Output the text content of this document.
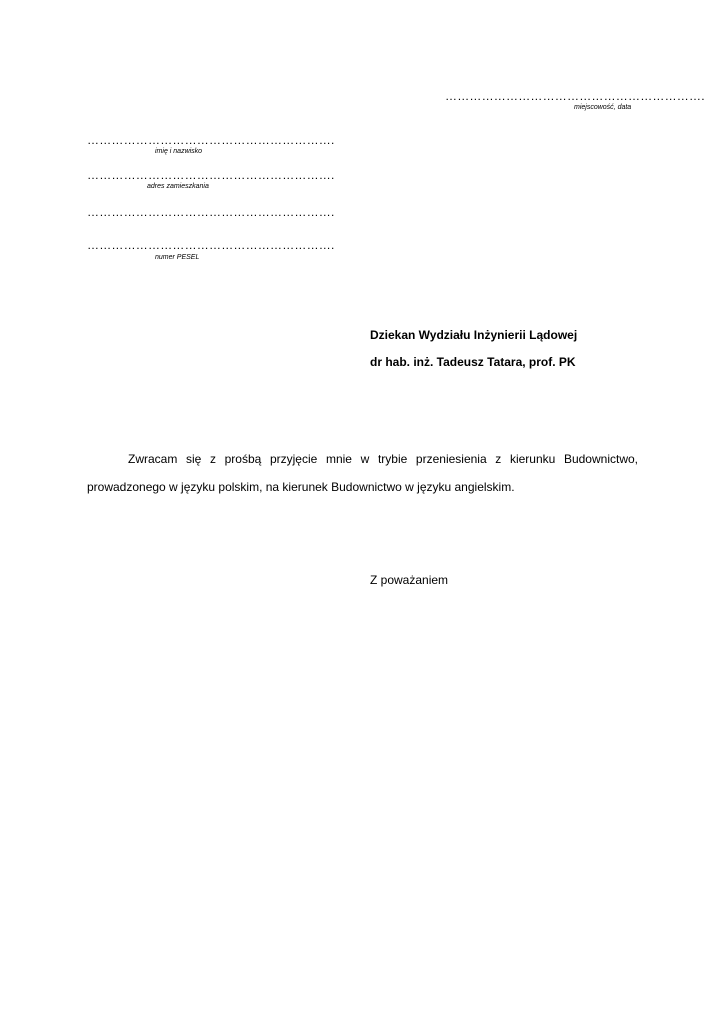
……………………………………………………….
miejscowość, data
…………………………………………………….
imię i nazwisko
…………………………………………………….
adres zamieszkania
…………………………………………………….
…………………………………………………….
numer PESEL
Dziekan Wydziału Inżynierii Lądowej
dr hab. inż. Tadeusz Tatara, prof. PK
Zwracam się z prośbą przyjęcie mnie w trybie przeniesienia z kierunku Budownictwo,
prowadzonego w języku polskim, na kierunek Budownictwo w języku angielskim.
Z poważaniem
